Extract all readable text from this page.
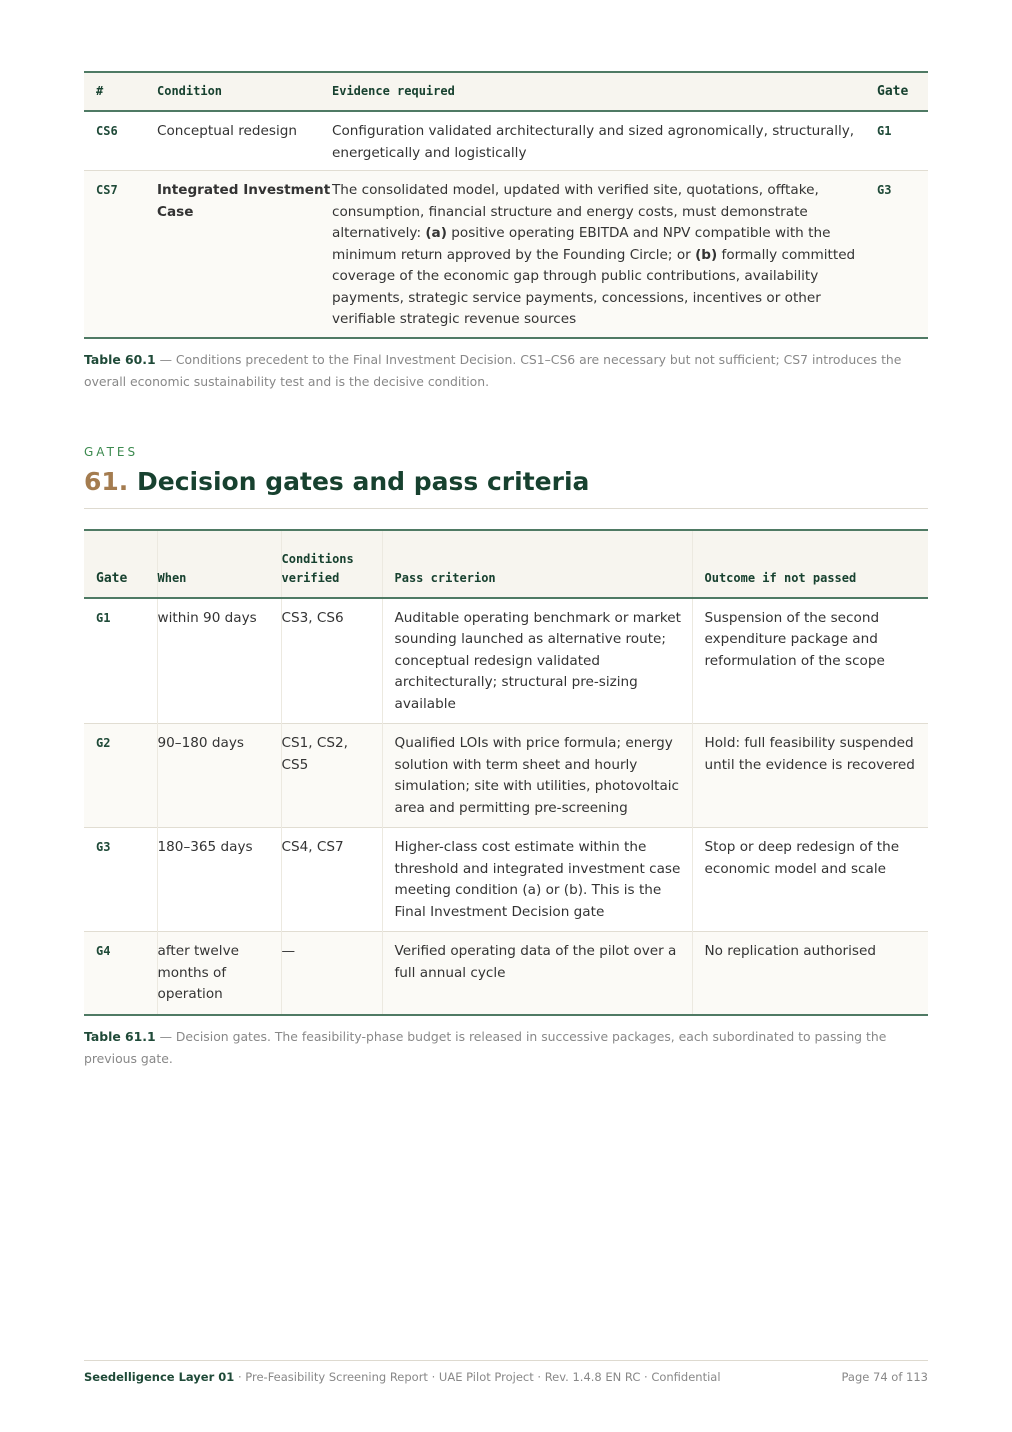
#	Condition	Evidence required	Gate
CS6	Conceptual redesign	Configuration validated architecturally and sized agronomically, structurally, energetically and logistically	G1
CS7	Integrated Investment Case	The consolidated model, updated with verified site, quotations, offtake, consumption, financial structure and energy costs, must demonstrate alternatively: (a) positive operating EBITDA and NPV compatible with the minimum return approved by the Founding Circle; or (b) formally committed coverage of the economic gap through public contributions, availability payments, strategic service payments, concessions, incentives or other verifiable strategic revenue sources	G3
Table 60.1 — Conditions precedent to the Final Investment Decision. CS1–CS6 are necessary but not sufficient; CS7 introduces the overall economic sustainability test and is the decisive condition.
GATES
61. Decision gates and pass criteria
Gate	When	Conditions verified	Pass criterion	Outcome if not passed
G1	within 90 days	CS3, CS6	Auditable operating benchmark or market sounding launched as alternative route; conceptual redesign validated architecturally; structural pre-sizing available	Suspension of the second expenditure package and reformulation of the scope
G2	90–180 days	CS1, CS2, CS5	Qualified LOIs with price formula; energy solution with term sheet and hourly simulation; site with utilities, photovoltaic area and permitting pre-screening	Hold: full feasibility suspended until the evidence is recovered
G3	180–365 days	CS4, CS7	Higher-class cost estimate within the threshold and integrated investment case meeting condition (a) or (b). This is the Final Investment Decision gate	Stop or deep redesign of the economic model and scale
G4	after twelve months of operation	—	Verified operating data of the pilot over a full annual cycle	No replication authorised
Table 61.1 — Decision gates. The feasibility-phase budget is released in successive packages, each subordinated to passing the previous gate.
Seedelligence Layer 01 · Pre-Feasibility Screening Report · UAE Pilot Project · Rev. 1.4.8 EN RC · Confidential	Page 74 of 113
